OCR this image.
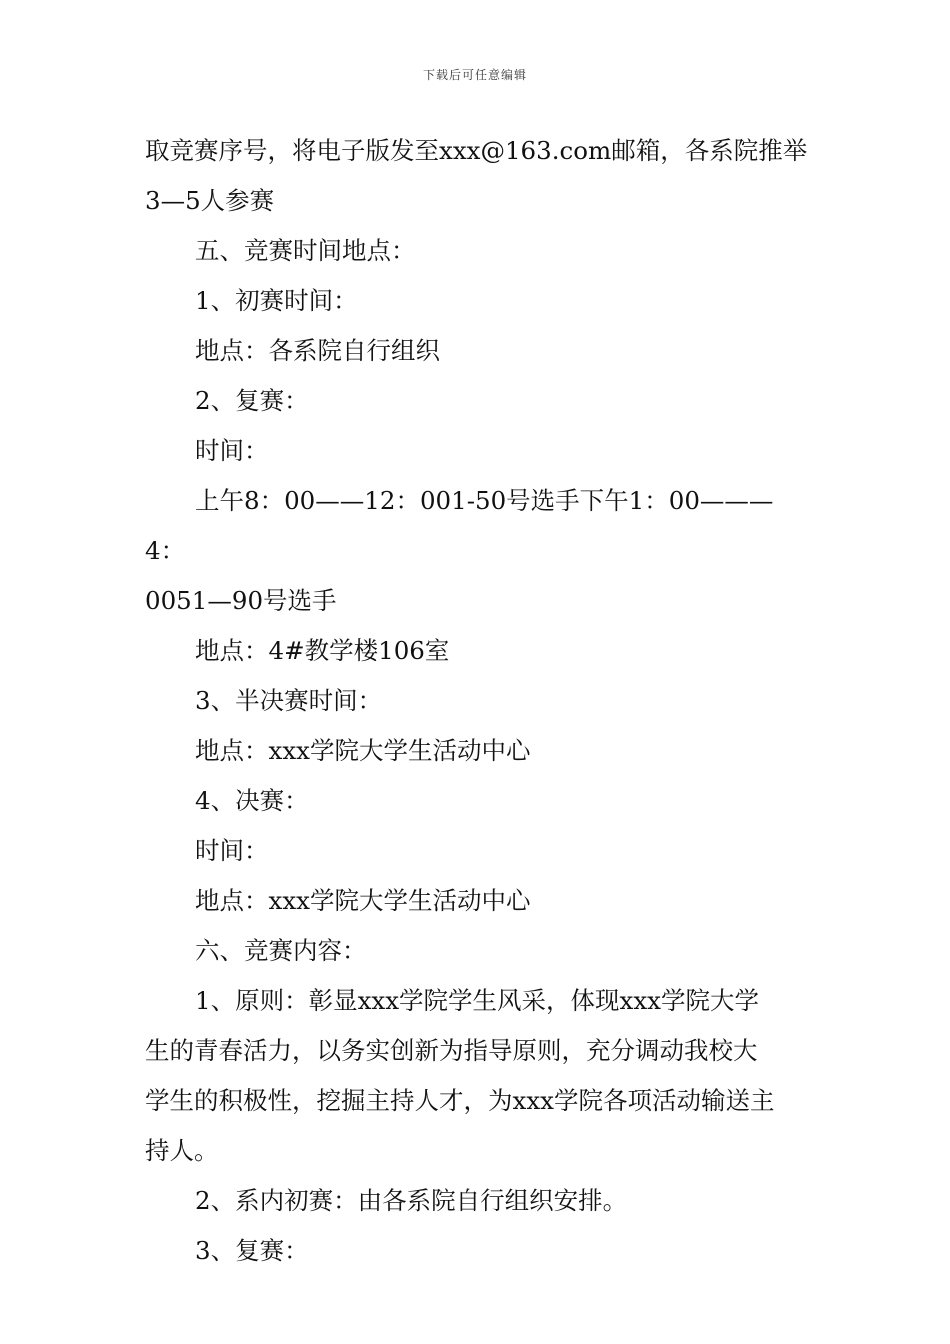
下载后可任意编辑

取竞赛序号，将电子版发至xxx@163.com邮箱，各系院推举

3—5人参赛

五、竞赛时间地点：

1、初赛时间：

地点：各系院自行组织

2、复赛：

时间：

上午8：00——12：001-50号选手下午1：00———4：

0051—90号选手

地点：4#教学楼106室

3、半决赛时间：

地点：xxx学院大学生活动中心

4、决赛：

时间：

地点：xxx学院大学生活动中心

六、竞赛内容：

1、原则：彰显xxx学院学生风采，体现xxx学院大学

生的青春活力，以务实创新为指导原则，充分调动我校大

学生的积极性，挖掘主持人才，为xxx学院各项活动输送主

持人。

2、系内初赛：由各系院自行组织安排。

3、复赛：
